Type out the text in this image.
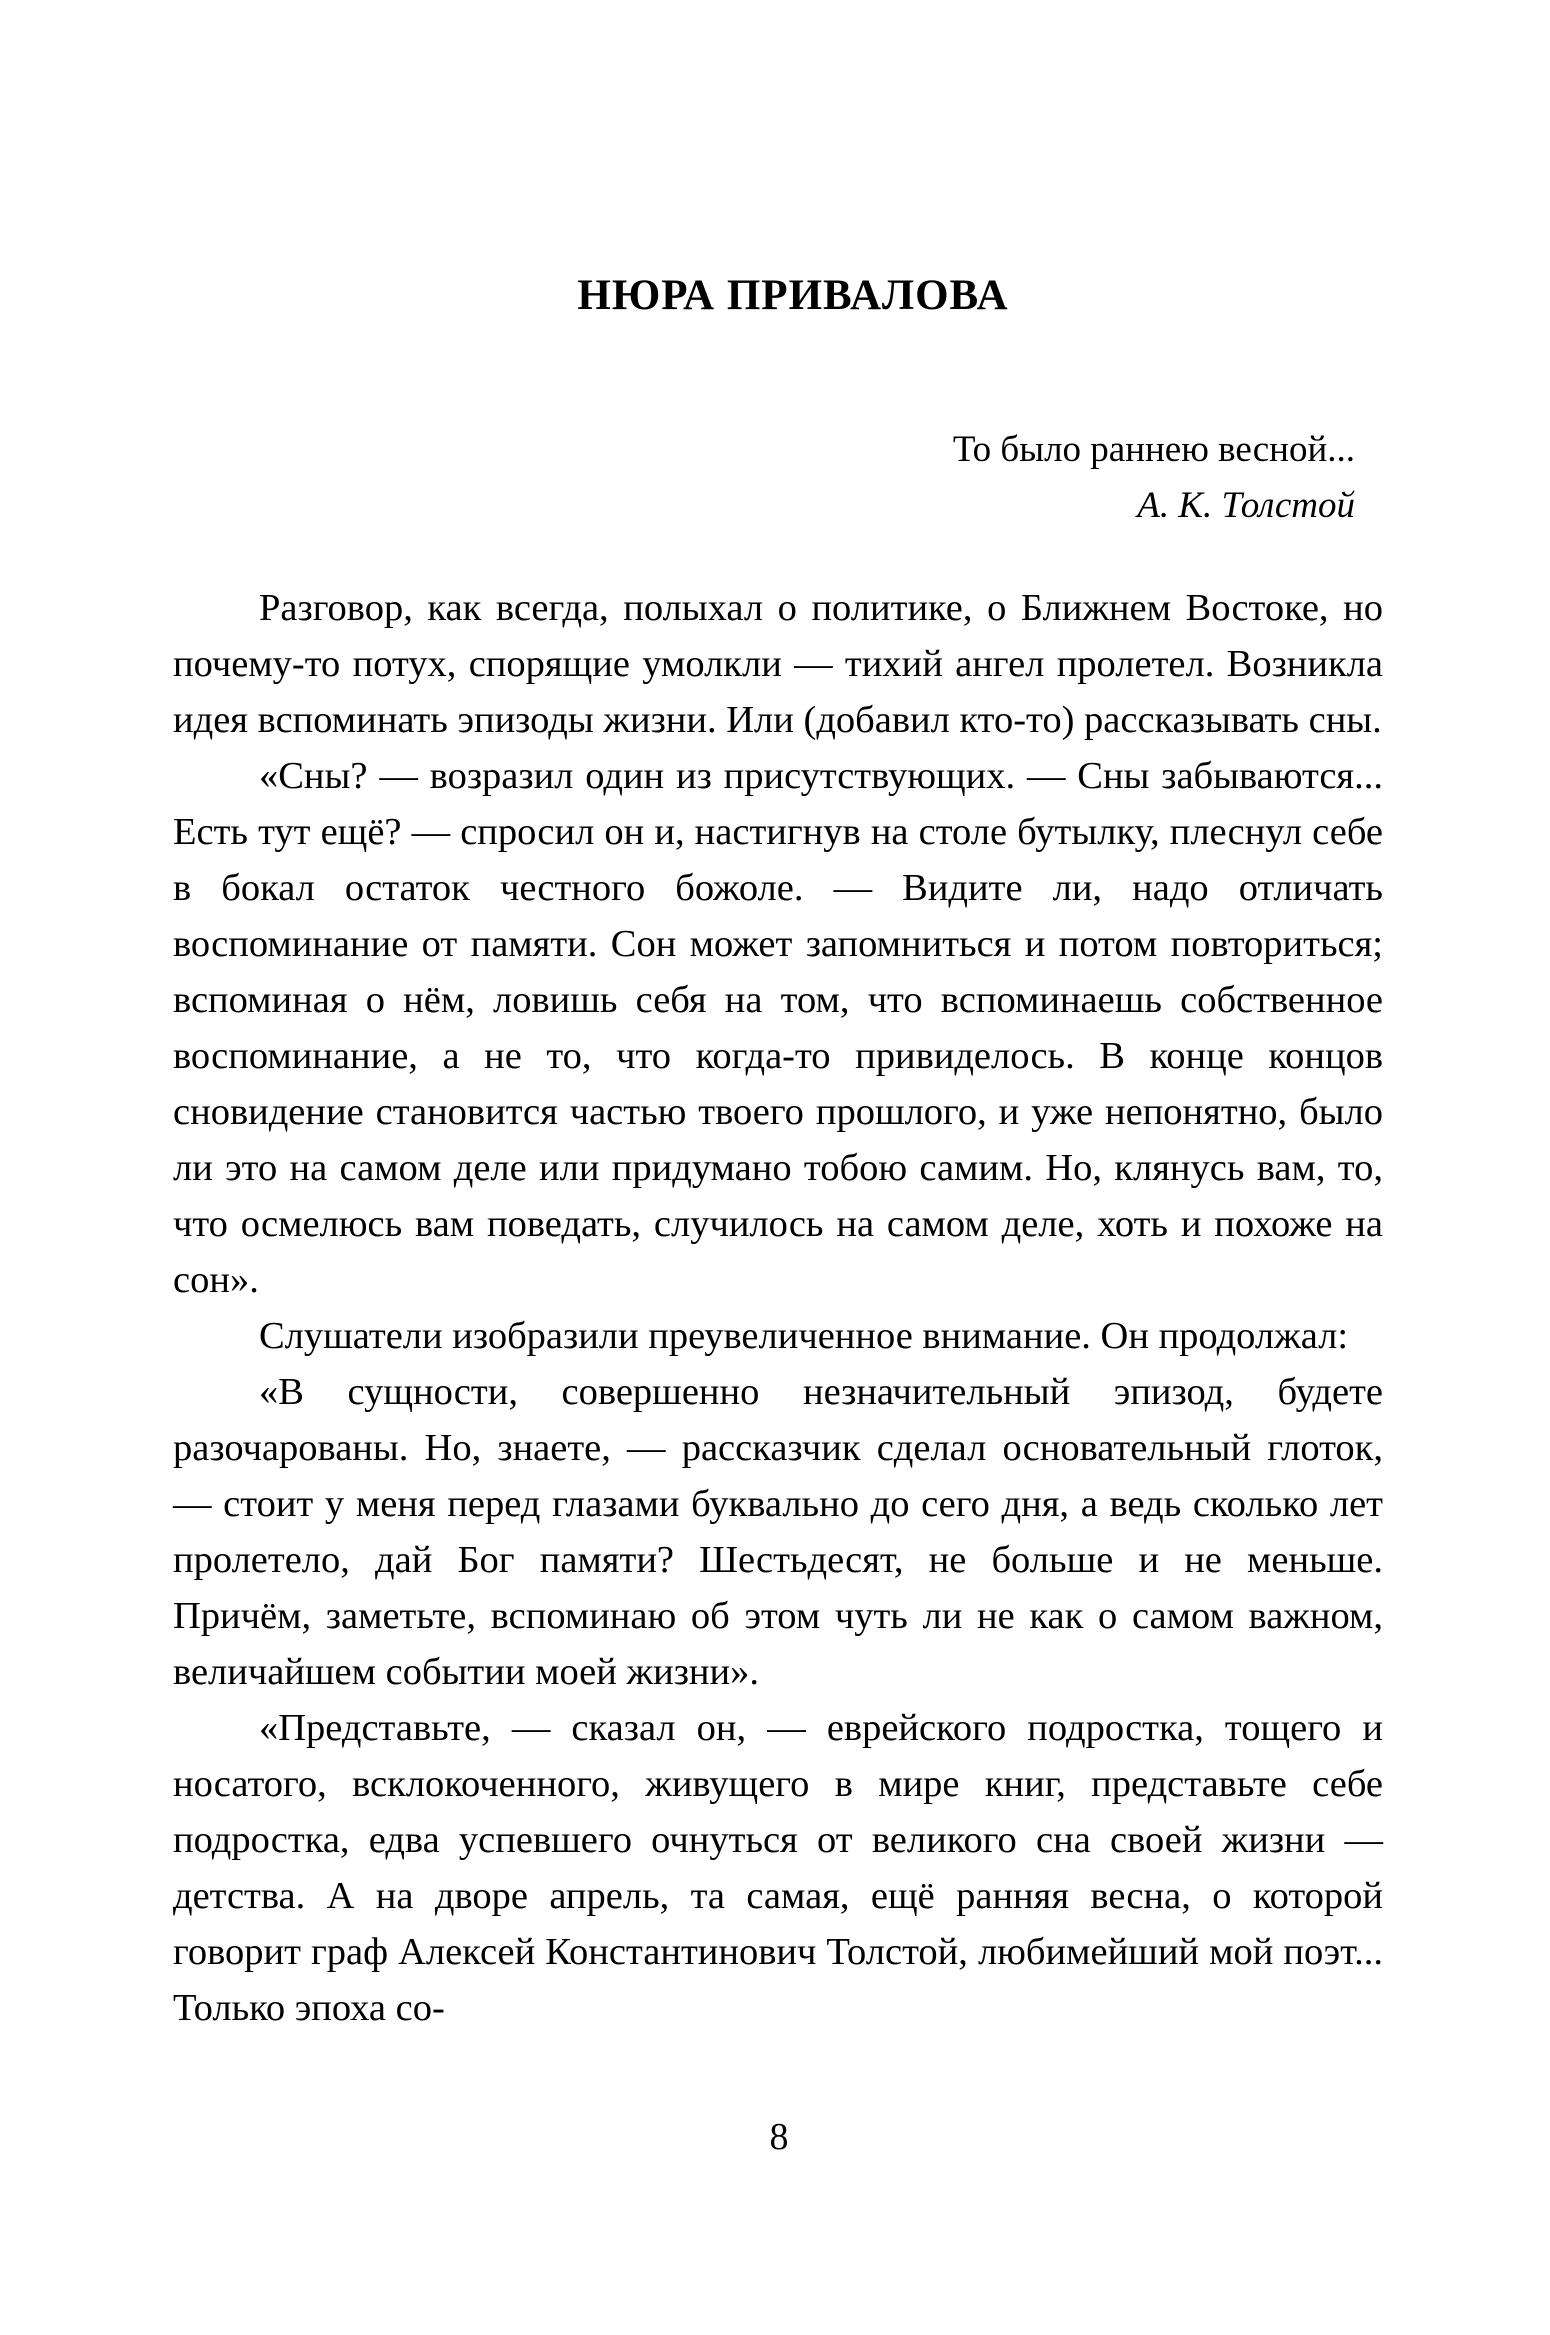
НЮРА ПРИВАЛОВА
То было раннею весной...
А. К. Толстой

Разговор, как всегда, полыхал о политике, о Ближнем Востоке, но почему-то потух, спорящие умолкли — тихий ангел пролетел. Возникла идея вспоминать эпизоды жизни. Или (добавил кто-то) рассказывать сны.

«Сны? — возразил один из присутствующих. — Сны забываются... Есть тут ещё? — спросил он и, настигнув на столе бутылку, плеснул себе в бокал остаток честного божоле. — Видите ли, надо отличать воспоминание от памяти. Сон может запомниться и потом повториться; вспоминая о нём, ловишь себя на том, что вспоминаешь собственное воспоминание, а не то, что когда-то привиделось. В конце концов сновидение становится частью твоего прошлого, и уже непонятно, было ли это на самом деле или придумано тобою самим. Но, клянусь вам, то, что осмелюсь вам поведать, случилось на самом деле, хоть и похоже на сон».

Слушатели изобразили преувеличенное внимание. Он продолжал:

«В сущности, совершенно незначительный эпизод, будете разочарованы. Но, знаете, — рассказчик сделал основательный глоток, — стоит у меня перед глазами буквально до сего дня, а ведь сколько лет пролетело, дай Бог памяти? Шестьдесят, не больше и не меньше. Причём, заметьте, вспоминаю об этом чуть ли не как о самом важном, величайшем событии моей жизни».

«Представьте, — сказал он, — еврейского подростка, тощего и носатого, всклокоченного, живущего в мире книг, представьте себе подростка, едва успевшего очнуться от великого сна своей жизни — детства. А на дворе апрель, та самая, ещё ранняя весна, о которой говорит граф Алексей Константинович Толстой, любимейший мой поэт... Только эпоха со-

8
